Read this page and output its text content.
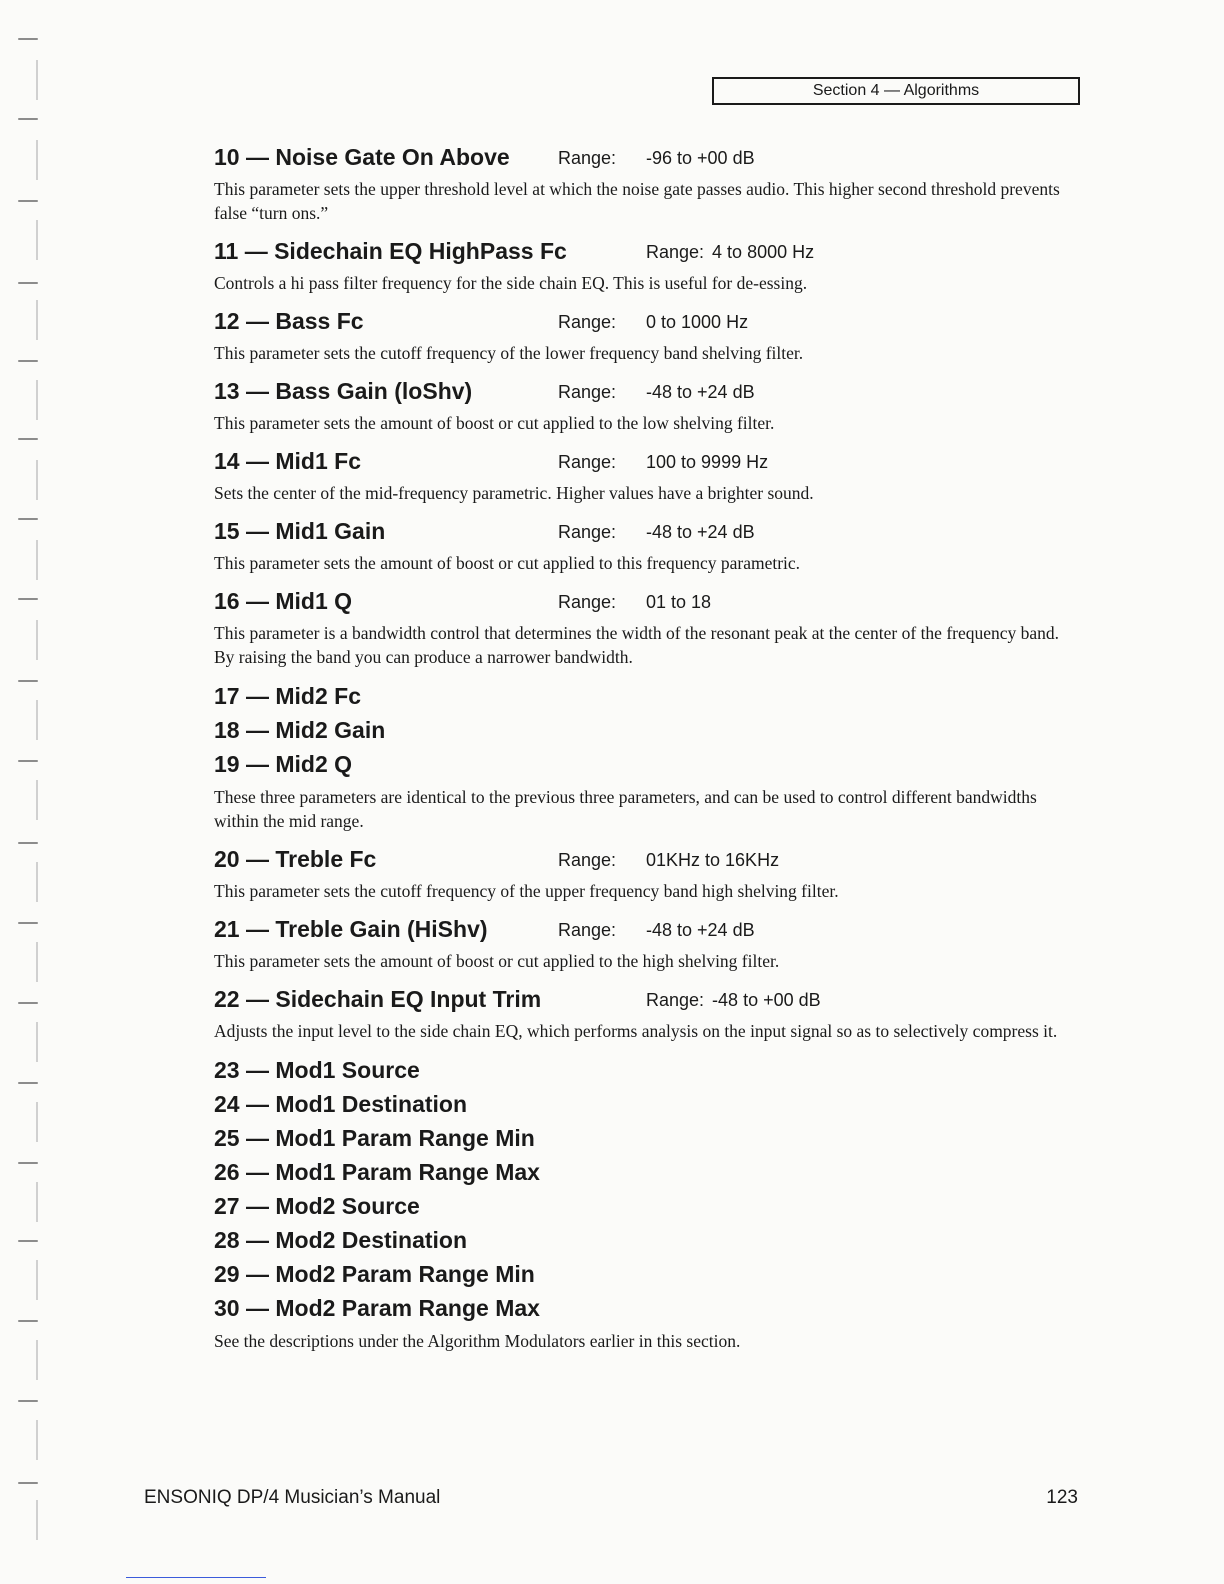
Section 4 — Algorithms
10 — Noise Gate On Above	Range: -96 to +00 dB
This parameter sets the upper threshold level at which the noise gate passes audio. This higher second threshold prevents false “turn ons.”
11 — Sidechain EQ HighPass Fc	Range: 4 to 8000 Hz
Controls a hi pass filter frequency for the side chain EQ. This is useful for de-essing.
12 — Bass Fc	Range: 0 to 1000 Hz
This parameter sets the cutoff frequency of the lower frequency band shelving filter.
13 — Bass Gain (loShv)	Range: -48 to +24 dB
This parameter sets the amount of boost or cut applied to the low shelving filter.
14 — Mid1 Fc	Range: 100 to 9999 Hz
Sets the center of the mid-frequency parametric. Higher values have a brighter sound.
15 — Mid1 Gain	Range: -48 to +24 dB
This parameter sets the amount of boost or cut applied to this frequency parametric.
16 — Mid1 Q	Range: 01 to 18
This parameter is a bandwidth control that determines the width of the resonant peak at the center of the frequency band. By raising the band you can produce a narrower bandwidth.
17 — Mid2 Fc
18 — Mid2 Gain
19 — Mid2 Q
These three parameters are identical to the previous three parameters, and can be used to control different bandwidths within the mid range.
20 — Treble Fc	Range: 01KHz to 16KHz
This parameter sets the cutoff frequency of the upper frequency band high shelving filter.
21 — Treble Gain (HiShv)	Range: -48 to +24 dB
This parameter sets the amount of boost or cut applied to the high shelving filter.
22 — Sidechain EQ Input Trim	Range: -48 to +00 dB
Adjusts the input level to the side chain EQ, which performs analysis on the input signal so as to selectively compress it.
23 — Mod1 Source
24 — Mod1 Destination
25 — Mod1 Param Range Min
26 — Mod1 Param Range Max
27 — Mod2 Source
28 — Mod2 Destination
29 — Mod2 Param Range Min
30 — Mod2 Param Range Max
See the descriptions under the Algorithm Modulators earlier in this section.
ENSONIQ DP/4 Musician’s Manual	123
